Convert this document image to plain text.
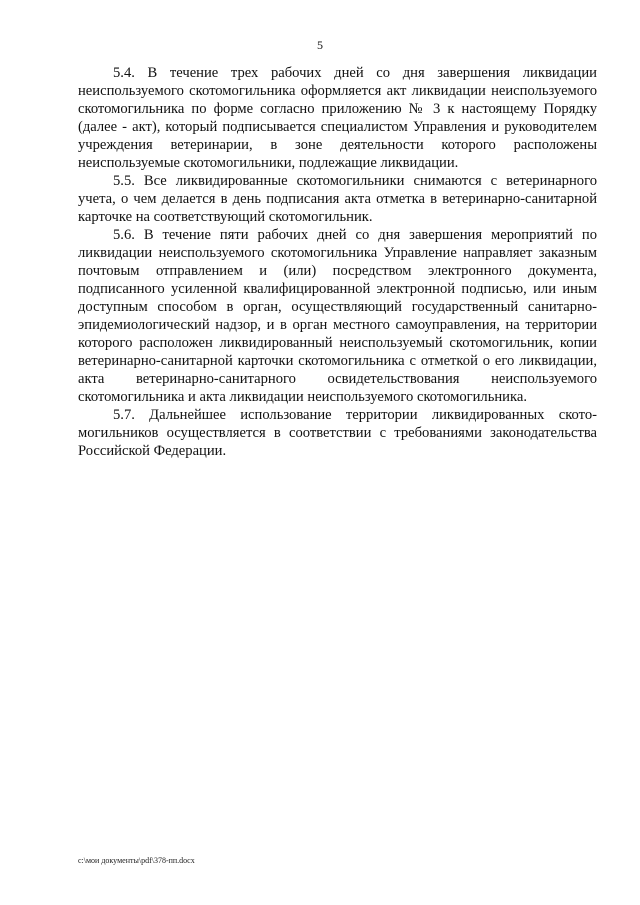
5

5.4. В течение трех рабочих дней со дня завершения ликвидации неиспользуемого скотомогильника оформляется акт ликвидации неиспользуемого скотомогильника по форме согласно приложению № 3 к настоящему Порядку (далее - акт), который подписывается специалистом Управления и руководителем учреждения ветеринарии, в зоне деятельности которого расположены неиспользуемые скотомогильники, подлежащие ликвидации.

5.5. Все ликвидированные скотомогильники снимаются с ветеринарного учета, о чем делается в день подписания акта отметка в ветеринарно-санитарной карточке на соответствующий скотомогильник.

5.6. В течение пяти рабочих дней со дня завершения мероприятий по ликвидации неиспользуемого скотомогильника Управление направляет заказным почтовым отправлением и (или) посредством электронного документа, подписанного усиленной квалифицированной электронной подписью, или иным доступным способом в орган, осуществляющий государственный санитарно-эпидемиологический надзор, и в орган местного самоуправления, на территории которого расположен ликвидированный неиспользуемый скотомогильник, копии ветеринарно-санитарной карточки скотомогильника с отметкой о его ликвидации, акта ветеринарно-санитарного освидетельствования неиспользуемого скотомогильника и акта ликвидации неиспользуемого скотомогильника.

5.7. Дальнейшее использование территории ликвидированных ското-могильников осуществляется в соответствии с требованиями законодательства Российской Федерации.

c:\мои документы\pdf\378-пп.docx
